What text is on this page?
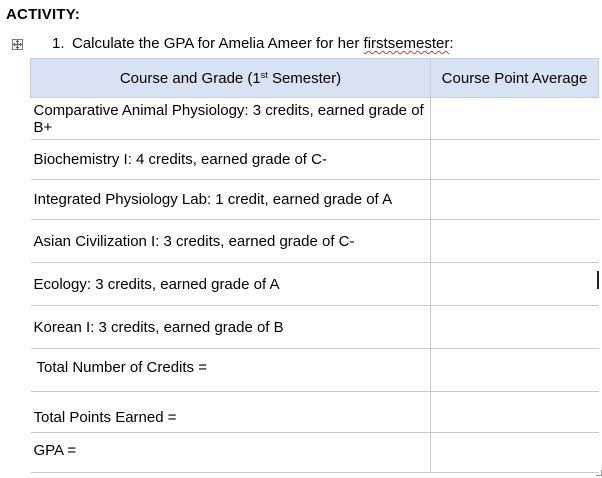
ACTIVITY:
1. Calculate the GPA for Amelia Ameer for her firstsemester:
Course and Grade (1st Semester)	Course Point Average
Comparative Animal Physiology: 3 credits, earned grade of B+	
Biochemistry I: 4 credits, earned grade of C-	
Integrated Physiology Lab: 1 credit, earned grade of A	
Asian Civilization I: 3 credits, earned grade of C-	
Ecology: 3 credits, earned grade of A	
Korean I: 3 credits, earned grade of B	
Total Number of Credits =	
Total Points Earned =	
GPA =	
